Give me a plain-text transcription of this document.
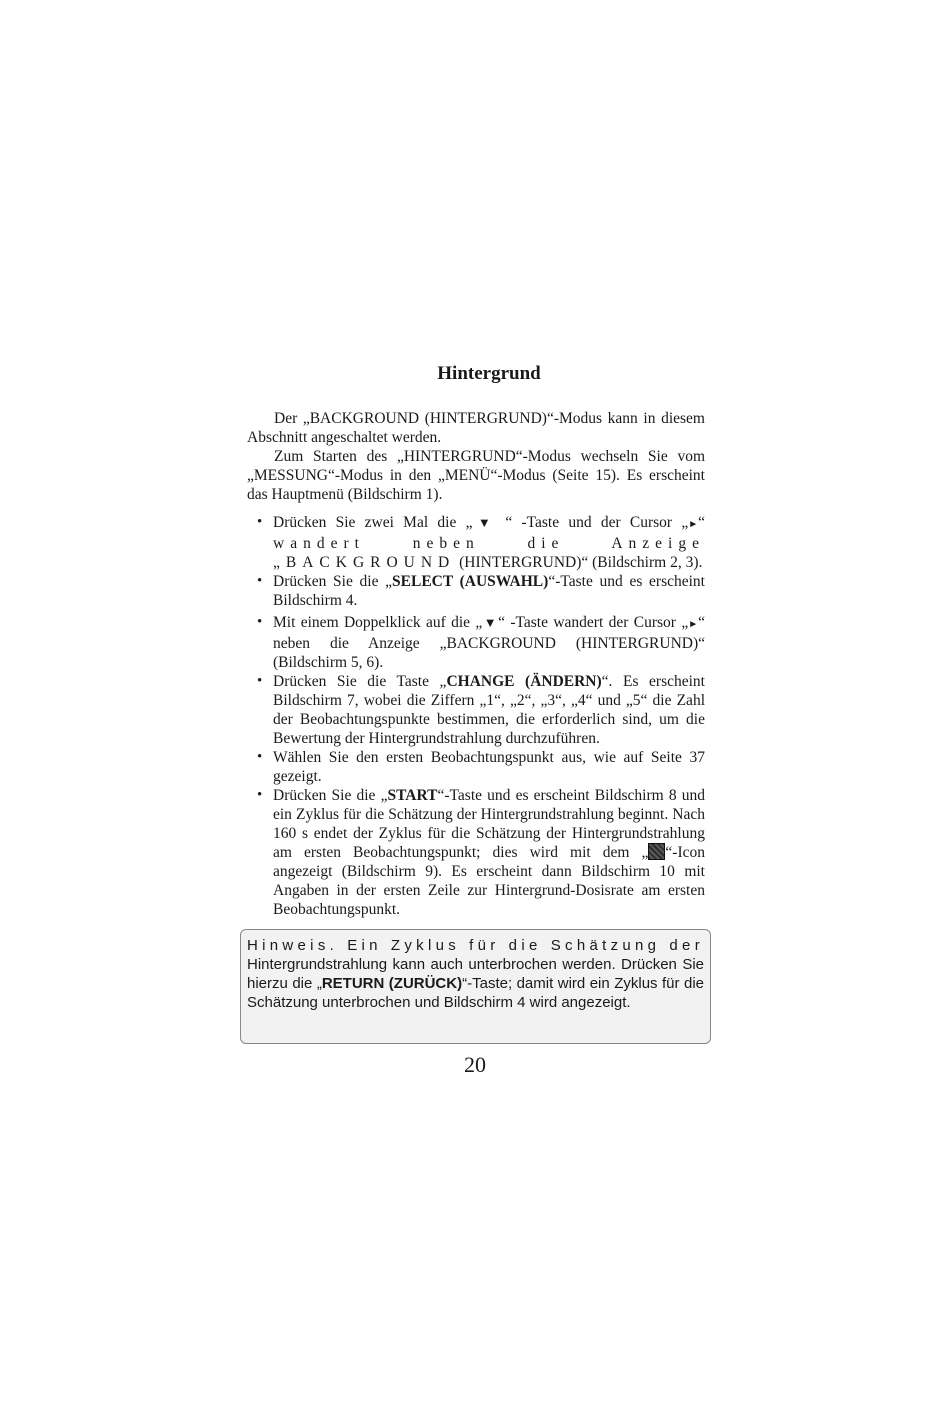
Hintergrund

Der „BACKGROUND (HINTERGRUND)“-Modus kann in diesem Abschnitt angeschaltet werden.

Zum Starten des „HINTERGRUND“-Modus wechseln Sie vom „MESSUNG“-Modus in den „MENÜ“-Modus (Seite 15). Es erscheint das Hauptmenü (Bildschirm 1).

• Drücken Sie zwei Mal die „▼ “ -Taste und der Cursor „►“ wandert neben die Anzeige „BACKGROUND (HINTERGRUND)“ (Bildschirm 2, 3).
• Drücken Sie die „SELECT (AUSWAHL)“-Taste und es erscheint Bildschirm 4.
• Mit einem Doppelklick auf die „▼“ -Taste wandert der Cursor „►“ neben die Anzeige „BACKGROUND (HINTERGRUND)“ (Bildschirm 5, 6).
• Drücken Sie die Taste „CHANGE (ÄNDERN)“. Es erscheint Bildschirm 7, wobei die Ziffern „1“, „2“, „3“, „4“ und „5“ die Zahl der Beobachtungspunkte bestimmen, die erforderlich sind, um die Bewertung der Hintergrundstrahlung durchzuführen.
• Wählen Sie den ersten Beobachtungspunkt aus, wie auf Seite 37 gezeigt.
• Drücken Sie die „START“-Taste und es erscheint Bildschirm 8 und ein Zyklus für die Schätzung der Hintergrundstrahlung beginnt. Nach 160 s endet der Zyklus für die Schätzung der Hintergrundstrahlung am ersten Beobachtungspunkt; dies wird mit dem „ “-Icon angezeigt (Bildschirm 9). Es erscheint dann Bildschirm 10 mit Angaben in der ersten Zeile zur Hintergrund-Dosisrate am ersten Beobachtungspunkt.
Hinweis. Ein Zyklus für die Schätzung der Hintergrundstrahlung kann auch unterbrochen werden. Drücken Sie hierzu die „RETURN (ZURÜCK)“-Taste; damit wird ein Zyklus für die Schätzung unterbrochen und Bildschirm 4 wird angezeigt.
20
